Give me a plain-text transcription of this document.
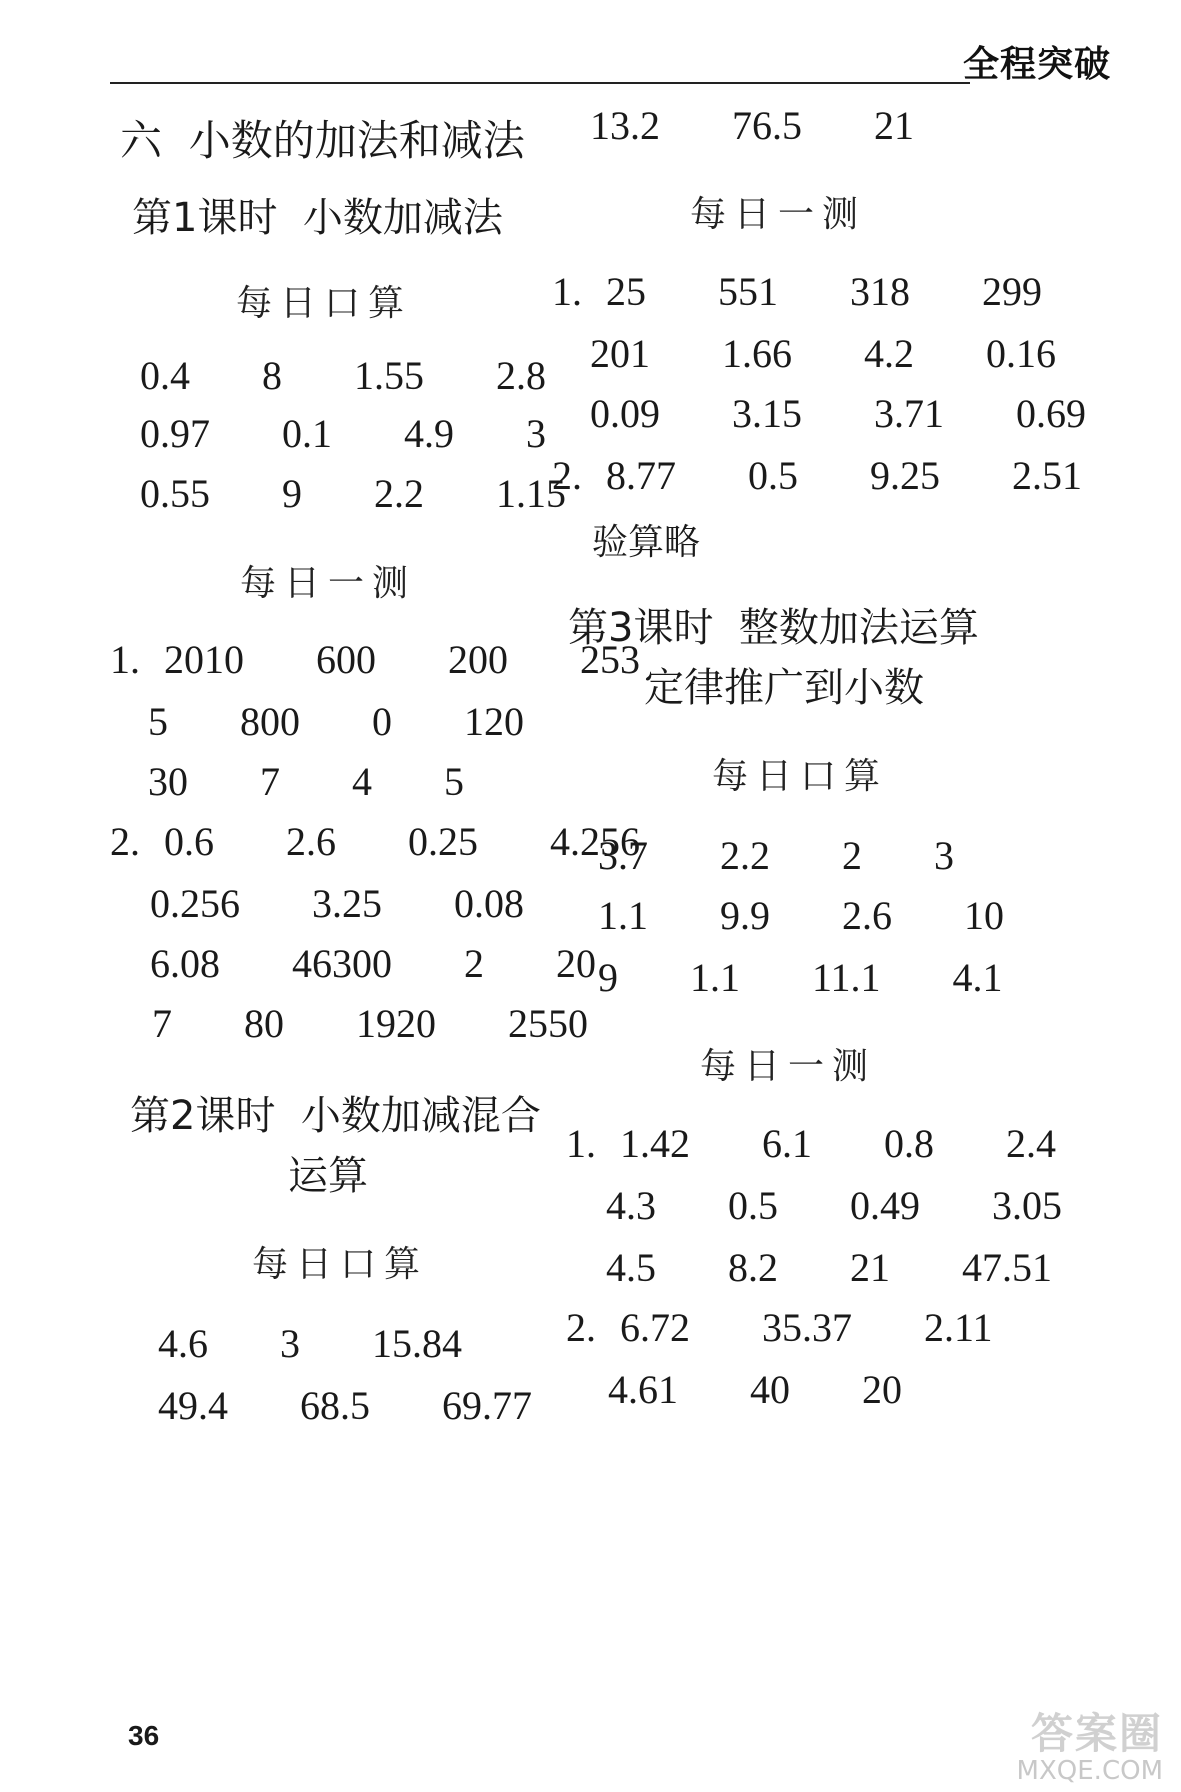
全程突破
六  小数的加法和减法
第1课时  小数加减法
每日口算
0.4   8   1.55   2.8
0.97   0.1   4.9   3
0.55   9   2.2   1.15
每日一测
1. 2010   600   200   253
5   800   0   120
30   7   4   5
2. 0.6   2.6   0.25   4.256
0.256   3.25   0.08
6.08   46300   2   20
7   80   1920   2550
第2课时  小数加减混合
运算
每日口算
4.6   3   15.84
49.4   68.5   69.77
13.2   76.5   21
每日一测
1. 25   551   318   299
201   1.66   4.2   0.16
0.09   3.15   3.71   0.69
2. 8.77   0.5   9.25   2.51
验算略
第3课时  整数加法运算
定律推广到小数
每日口算
3.7   2.2   2   3
1.1   9.9   2.6   10
9   1.1   11.1   4.1
每日一测
1. 1.42   6.1   0.8   2.4
4.3   0.5   0.49   3.05
4.5   8.2   21   47.51
2. 6.72   35.37   2.11
4.61   40   20
36	答案圈
MXQE.COM
